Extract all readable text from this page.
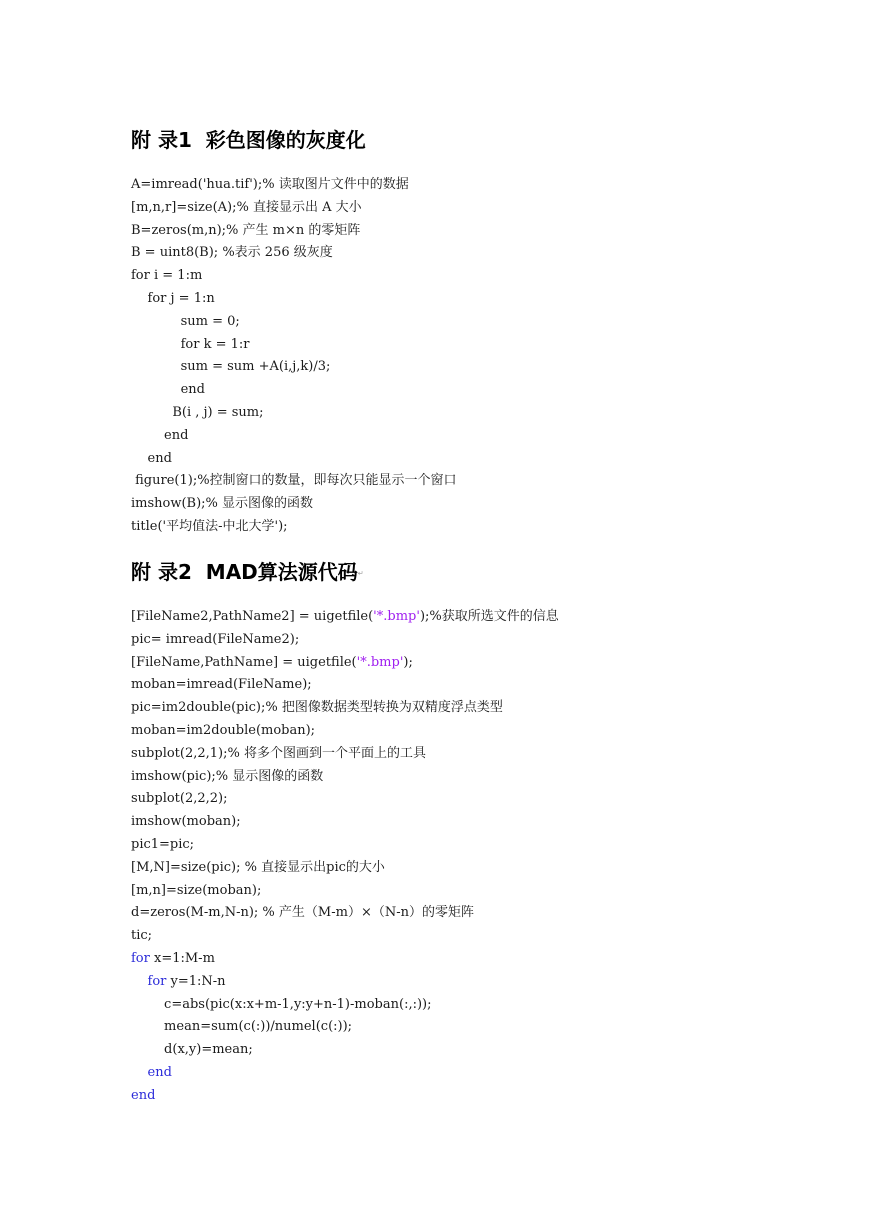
附 录1  彩色图像的灰度化
A=imread('hua.tif');% 读取图片文件中的数据
[m,n,r]=size(A);% 直接显示出 A 大小
B=zeros(m,n);% 产生 m×n 的零矩阵
B = uint8(B); %表示 256 级灰度
for i = 1:m
for j = 1:n
sum = 0;
for k = 1:r
sum = sum +A(i,j,k)/3;
end
B(i , j) = sum;
end
end
figure(1);%控制窗口的数量，即每次只能显示一个窗口
imshow(B);% 显示图像的函数
title('平均值法-中北大学');
附 录2  MAD算法源代码↵
[FileName2,PathName2] = uigetfile('*.bmp');%获取所选文件的信息
pic= imread(FileName2);
[FileName,PathName] = uigetfile('*.bmp');
moban=imread(FileName);
pic=im2double(pic);% 把图像数据类型转换为双精度浮点类型
moban=im2double(moban);
subplot(2,2,1);% 将多个图画到一个平面上的工具
imshow(pic);% 显示图像的函数
subplot(2,2,2);
imshow(moban);
pic1=pic;
[M,N]=size(pic); % 直接显示出pic的大小
[m,n]=size(moban);
d=zeros(M-m,N-n); % 产生（M-m）×（N-n）的零矩阵
tic;
for x=1:M-m
for y=1:N-n
c=abs(pic(x:x+m-1,y:y+n-1)-moban(:,:));
mean=sum(c(:))/numel(c(:));
d(x,y)=mean;
end
end
